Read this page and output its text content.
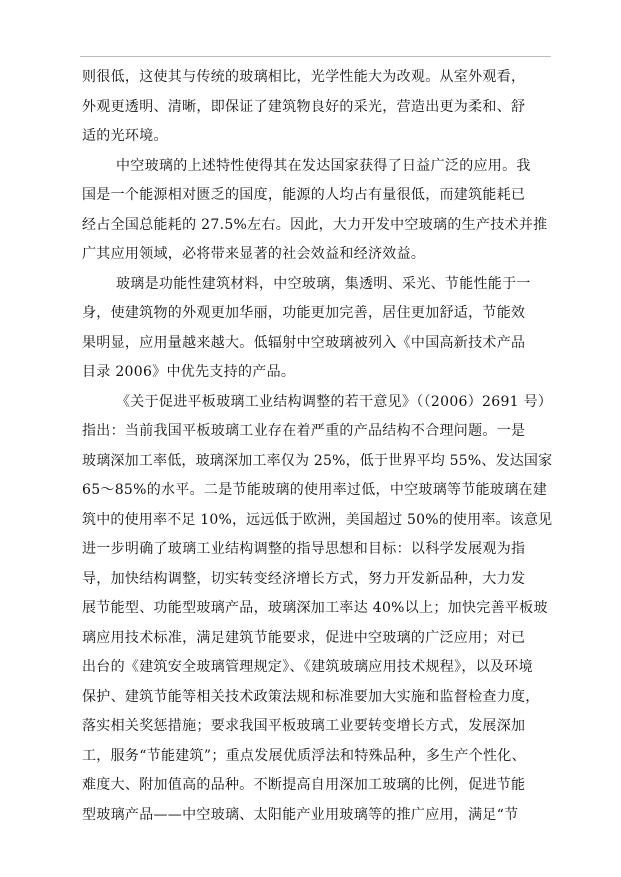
则很低，这使其与传统的玻璃相比，光学性能大为改观。从室外观看，
外观更透明、清晰，即保证了建筑物良好的采光，营造出更为柔和、舒
适的光环境。
中空玻璃的上述特性使得其在发达国家获得了日益广泛的应用。我
国是一个能源相对匮乏的国度，能源的人均占有量很低，而建筑能耗已
经占全国总能耗的 27.5%左右。因此，大力开发中空玻璃的生产技术并推
广其应用领域，必将带来显著的社会效益和经济效益。
玻璃是功能性建筑材料，中空玻璃，集透明、采光、节能性能于一
身，使建筑物的外观更加华丽，功能更加完善，居住更加舒适，节能效
果明显，应用量越来越大。低辐射中空玻璃被列入《中国高新技术产品
目录 2006》中优先支持的产品。
《关于促进平板玻璃工业结构调整的若干意见》（（2006）2691 号）
指出：当前我国平板玻璃工业存在着严重的产品结构不合理问题。一是
玻璃深加工率低，玻璃深加工率仅为 25%，低于世界平均 55%、发达国家
65～85%的水平。二是节能玻璃的使用率过低，中空玻璃等节能玻璃在建
筑中的使用率不足 10%，远远低于欧洲，美国超过 50%的使用率。该意见
进一步明确了玻璃工业结构调整的指导思想和目标：以科学发展观为指
导，加快结构调整，切实转变经济增长方式，努力开发新品种，大力发
展节能型、功能型玻璃产品，玻璃深加工率达 40%以上；加快完善平板玻
璃应用技术标准，满足建筑节能要求，促进中空玻璃的广泛应用；对已
出台的《建筑安全玻璃管理规定》、《建筑玻璃应用技术规程》，以及环境
保护、建筑节能等相关技术政策法规和标准要加大实施和监督检查力度，
落实相关奖惩措施；要求我国平板玻璃工业要转变增长方式，发展深加
工，服务“节能建筑”；重点发展优质浮法和特殊品种，多生产个性化、
难度大、附加值高的品种。不断提高自用深加工玻璃的比例，促进节能
型玻璃产品——中空玻璃、太阳能产业用玻璃等的推广应用，满足“节
